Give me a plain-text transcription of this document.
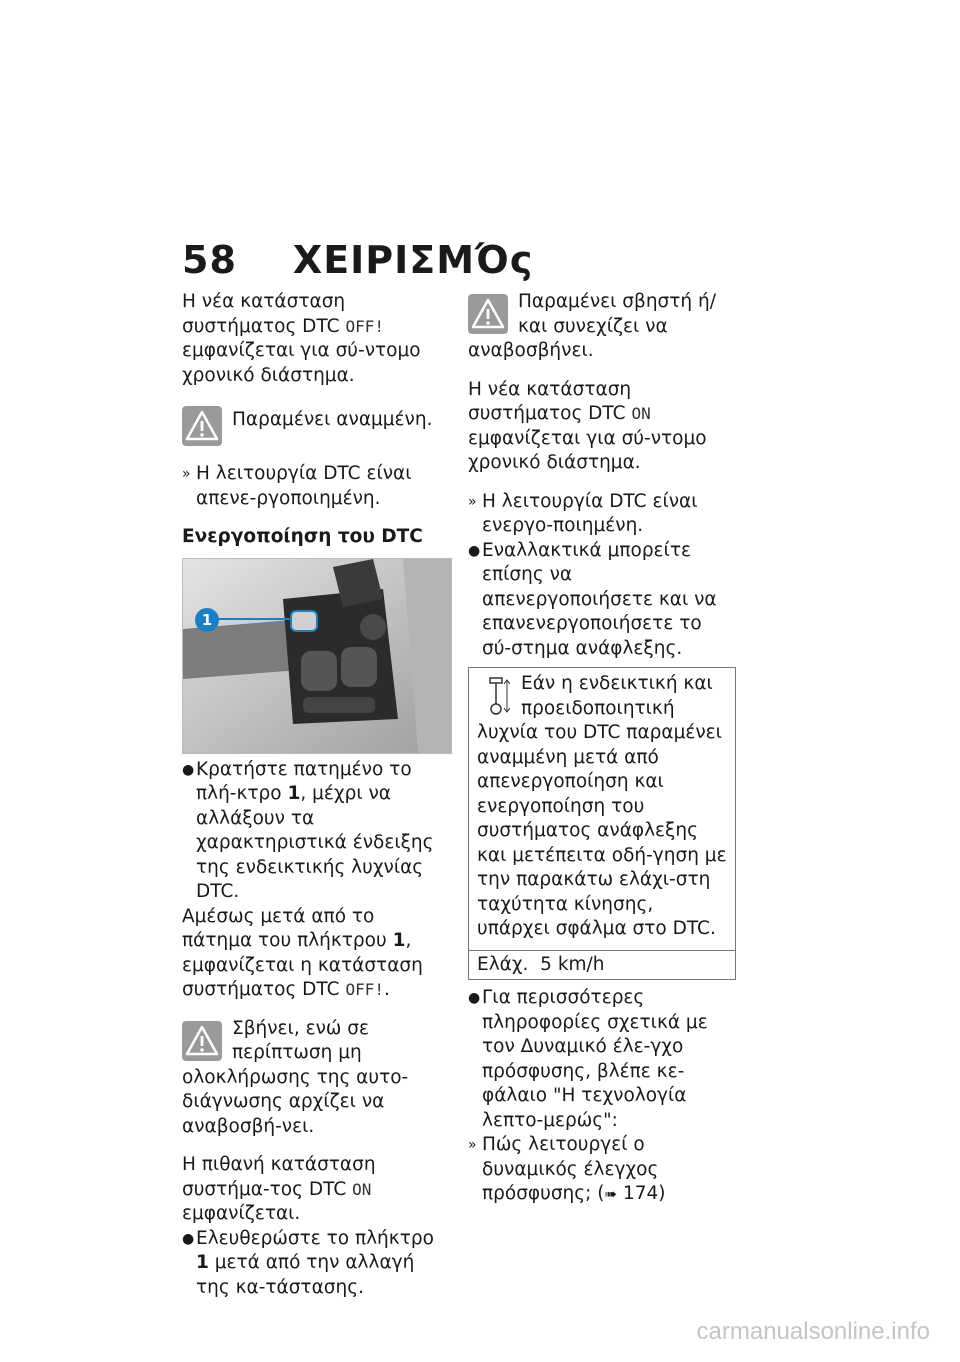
58 ΧΕΙΡΙΣΜΌς

Η νέα κατάσταση συστήματος DTC OFF! εμφανίζεται για σύ-ντομο χρονικό διάστημα.

Παραμένει αναμμένη.

» Η λειτουργία DTC είναι απενε-ργοποιημένη.
Ενεργοποίηση του DTC
1
● Κρατήστε πατημένο το πλή-κτρο 1, μέχρι να αλλάξουν τα χαρακτηριστικά ένδειξης της ενδεικτικής λυχνίας DTC.

Αμέσως μετά από το πάτημα του πλήκτρου 1, εμφανίζεται η κατάσταση συστήματος DTC OFF!.

Σβήνει, ενώ σε περίπτωση μη ολοκλήρωσης της αυτο-διάγνωσης αρχίζει να αναβοσβή-νει.

Η πιθανή κατάσταση συστήμα-τος DTC ON εμφανίζεται.

● Ελευθερώστε το πλήκτρο 1 μετά από την αλλαγή της κα-τάστασης.

Παραμένει σβηστή ή/και συνεχίζει να αναβοσβήνει.

Η νέα κατάσταση συστήματος DTC ON εμφανίζεται για σύ-ντομο χρονικό διάστημα.

» Η λειτουργία DTC είναι ενεργο-ποιημένη.
● Εναλλακτικά μπορείτε επίσης να απενεργοποιήσετε και να επανενεργοποιήσετε το σύ-στημα ανάφλεξης.

Εάν η ενδεικτική και προειδοποιητική λυχνία του DTC παραμένει αναμμένη μετά από απενεργοποίηση και ενεργοποίηση του συστήματος ανάφλεξης και μετέπειτα οδή-γηση με την παρακάτω ελάχι-στη ταχύτητα κίνησης, υπάρχει σφάλμα στο DTC.

Ελάχ. 5 km/h
● Για περισσότερες πληροφορίες σχετικά με τον Δυναμικό έλε-γχο πρόσφυσης, βλέπε κε-φάλαιο "Η τεχνολογία λεπτο-μερώς":
» Πώς λειτουργεί ο δυναμικός έλεγχος πρόσφυσης; (➠ 174)
carmanualsonline.info
